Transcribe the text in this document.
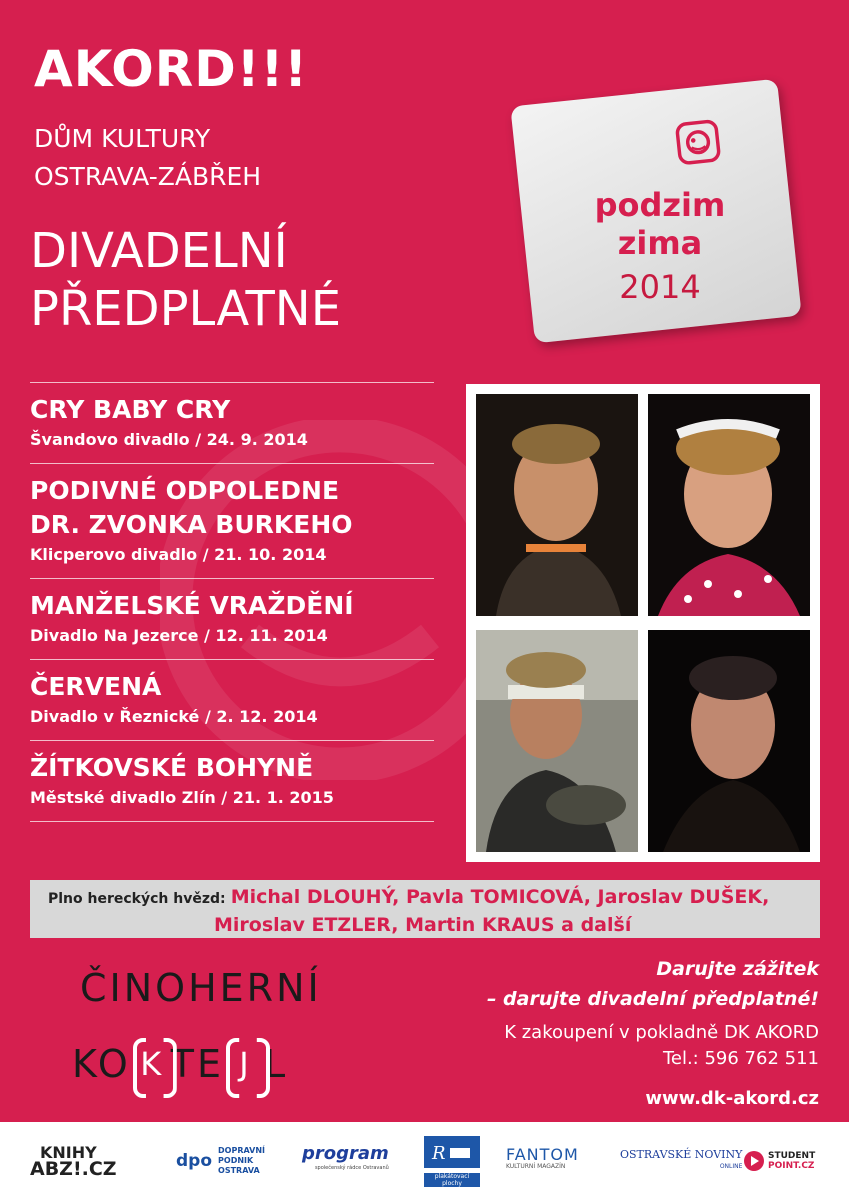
AKORD!!!
DŮM KULTURY
OSTRAVA-ZÁBŘEH
DIVADELNÍ
PŘEDPLATNÉ
podzim
zima
2014
CRY BABY CRY
Švandovo divadlo / 24. 9. 2014
PODIVNÉ ODPOLEDNE
DR. ZVONKA BURKEHO
Klicperovo divadlo / 21. 10. 2014
MANŽELSKÉ VRAŽDĚNÍ
Divadlo Na Jezerce / 12. 11. 2014
ČERVENÁ
Divadlo v Řeznické / 2. 12. 2014
ŽÍTKOVSKÉ BOHYNĚ
Městské divadlo Zlín / 21. 1. 2015
Plno hereckých hvězd: Michal DLOUHÝ, Pavla TOMICOVÁ, Jaroslav DUŠEK,
Miroslav ETZLER, Martin KRAUS a další
ČINOHERNÍ
KO K TE J L
Darujte zážitek
– darujte divadelní předplatné!
K zakoupení v pokladně DK AKORD
Tel.: 596 762 511
www.dk-akord.cz
KNIHY
ABZ!.CZ	dpo
DOPRAVNÍ
PODNIK
OSTRAVA
program
společenský rádce Ostravanů
R
plakátovací plochy
FANTOM
KULTURNÍ MAGAZÍN
OSTRAVSKÉ NOVINY
ONLINE
STUDENT
POINT.CZ
